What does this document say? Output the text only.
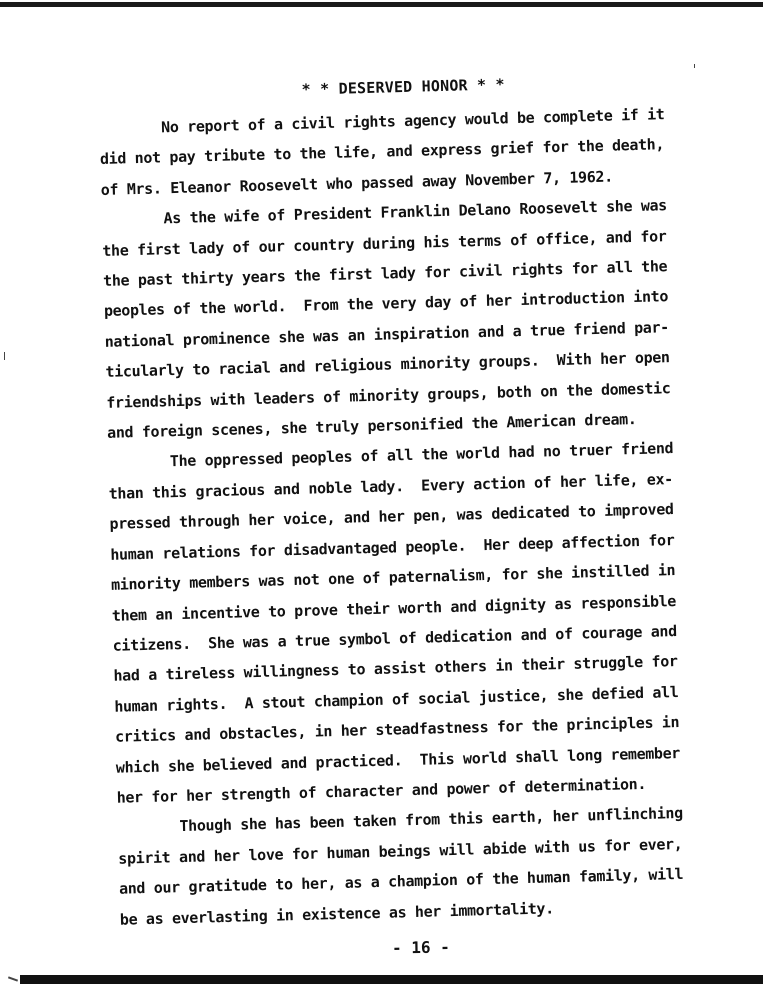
* * DESERVED HONOR * *
No report of a civil rights agency would be complete if it
did not pay tribute to the life, and express grief for the death,
of Mrs. Eleanor Roosevelt who passed away November 7, 1962.
As the wife of President Franklin Delano Roosevelt she was
the first lady of our country during his terms of office, and for
the past thirty years the first lady for civil rights for all the
peoples of the world.  From the very day of her introduction into
national prominence she was an inspiration and a true friend par-
ticularly to racial and religious minority groups.  With her open
friendships with leaders of minority groups, both on the domestic
and foreign scenes, she truly personified the American dream.
The oppressed peoples of all the world had no truer friend
than this gracious and noble lady.  Every action of her life, ex-
pressed through her voice, and her pen, was dedicated to improved
human relations for disadvantaged people.  Her deep affection for
minority members was not one of paternalism, for she instilled in
them an incentive to prove their worth and dignity as responsible
citizens.  She was a true symbol of dedication and of courage and
had a tireless willingness to assist others in their struggle for
human rights.  A stout champion of social justice, she defied all
critics and obstacles, in her steadfastness for the principles in
which she believed and practiced.  This world shall long remember
her for her strength of character and power of determination.
Though she has been taken from this earth, her unflinching
spirit and her love for human beings will abide with us for ever,
and our gratitude to her, as a champion of the human family, will
be as everlasting in existence as her immortality.
- 16 -
